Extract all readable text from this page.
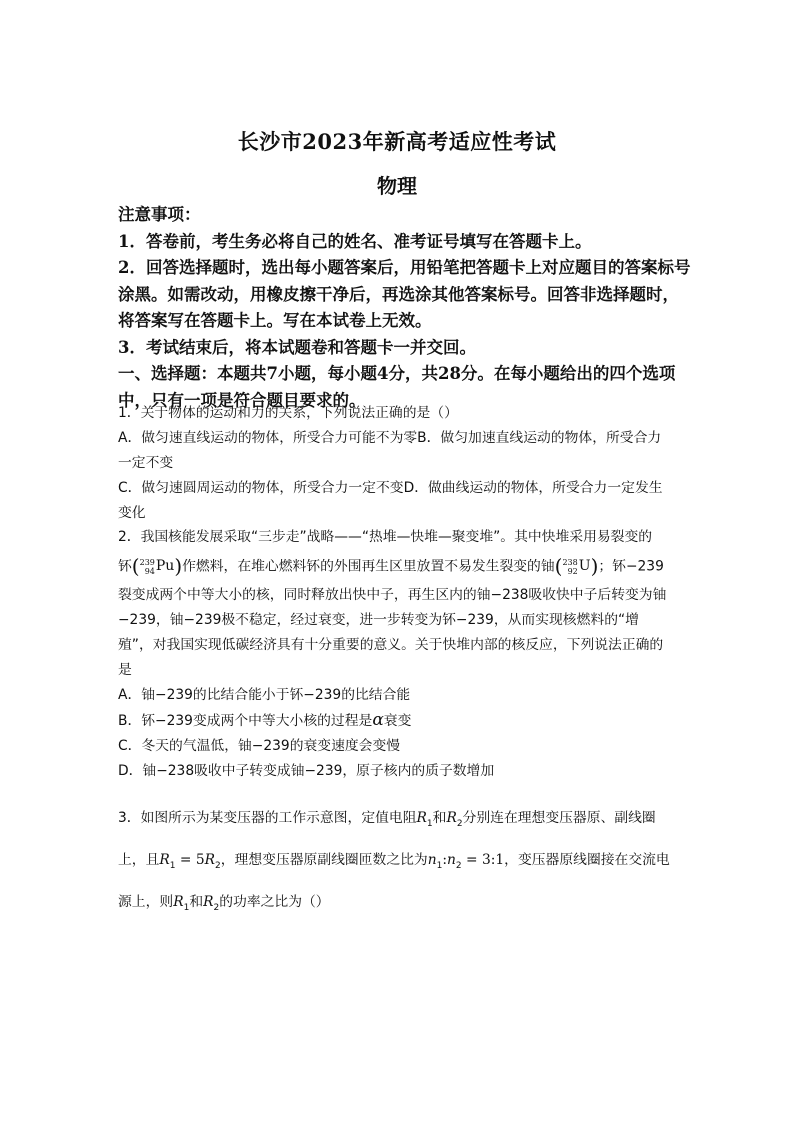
长沙市2023年新高考适应性考试
物理
注意事项：
1．答卷前，考生务必将自己的姓名、准考证号填写在答题卡上。
2．回答选择题时，选出每小题答案后，用铅笔把答题卡上对应题目的答案标号
涂黑。如需改动，用橡皮擦干净后，再选涂其他答案标号。回答非选择题时，
将答案写在答题卡上。写在本试卷上无效。
3．考试结束后，将本试题卷和答题卡一并交回。
一、选择题：本题共7小题，每小题4分，共28分。在每小题给出的四个选项
中，只有一项是符合题目要求的。
1．关于物体的运动和力的关系，下列说法正确的是（）
A．做匀速直线运动的物体，所受合力可能不为零B．做匀加速直线运动的物体，所受合力
一定不变
C．做匀速圆周运动的物体，所受合力一定不变D．做曲线运动的物体，所受合力一定发生
变化
2．我国核能发展采取“三步走”战略——“热堆—快堆—聚变堆”。其中快堆采用易裂变的
钚(239
94Pu)作燃料，在堆心燃料钚的外围再生区里放置不易发生裂变的铀(238
92U)；钚−239
裂变成两个中等大小的核，同时释放出快中子，再生区内的铀−238吸收快中子后转变为铀
−239，铀−239极不稳定，经过衰变，进一步转变为钚−239，从而实现核燃料的“增
殖”，对我国实现低碳经济具有十分重要的意义。关于快堆内部的核反应，下列说法正确的
是
A．铀−239的比结合能小于钚−239的比结合能
B．钚−239变成两个中等大小核的过程是α衰变
C．冬天的气温低，铀−239的衰变速度会变慢
D．铀−238吸收中子转变成铀−239，原子核内的质子数增加
3．如图所示为某变压器的工作示意图，定值电阻$R_1$和$R_2$分别连在理想变压器原、副线圈
上，且$R_1 = 5R_2$，理想变压器原副线圈匝数之比为$n_1:n_2$ = 3:1，变压器原线圈接在交流电
源上，则$R_1$和$R_2$的功率之比为（）
